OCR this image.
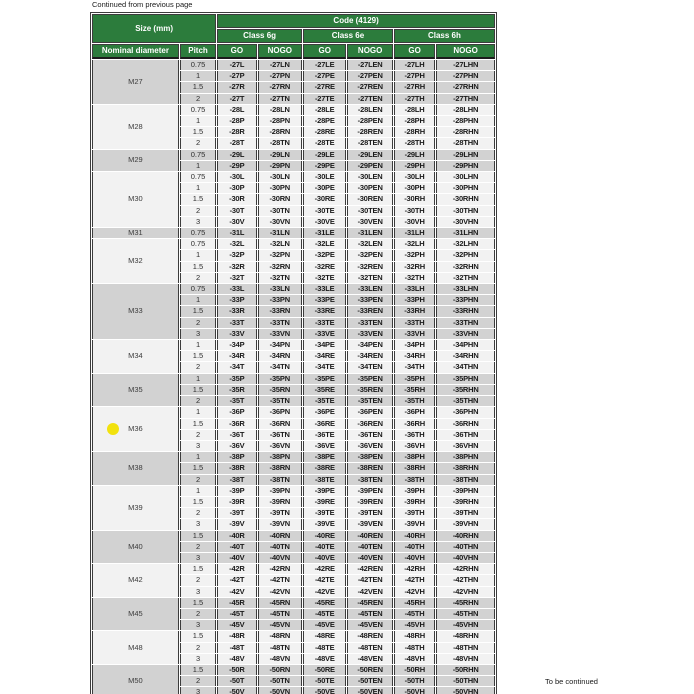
Continued from previous page
Size (mm)		Code (4129)					
		Class 6g		Class 6e		Class 6h	
Nominal diameter	Pitch	GO	NOGO	GO	NOGO	GO	NOGO
M27	0.75	-27L	-27LN	-27LE	-27LEN	-27LH	-27LHN
	1	-27P	-27PN	-27PE	-27PEN	-27PH	-27PHN
	1.5	-27R	-27RN	-27RE	-27REN	-27RH	-27RHN
	2	-27T	-27TN	-27TE	-27TEN	-27TH	-27THN
M28	0.75	-28L	-28LN	-28LE	-28LEN	-28LH	-28LHN
	1	-28P	-28PN	-28PE	-28PEN	-28PH	-28PHN
	1.5	-28R	-28RN	-28RE	-28REN	-28RH	-28RHN
	2	-28T	-28TN	-28TE	-28TEN	-28TH	-28THN
M29	0.75	-29L	-29LN	-29LE	-29LEN	-29LH	-29LHN
	1	-29P	-29PN	-29PE	-29PEN	-29PH	-29PHN
M30	0.75	-30L	-30LN	-30LE	-30LEN	-30LH	-30LHN
	1	-30P	-30PN	-30PE	-30PEN	-30PH	-30PHN
	1.5	-30R	-30RN	-30RE	-30REN	-30RH	-30RHN
	2	-30T	-30TN	-30TE	-30TEN	-30TH	-30THN
	3	-30V	-30VN	-30VE	-30VEN	-30VH	-30VHN
M31	0.75	-31L	-31LN	-31LE	-31LEN	-31LH	-31LHN
M32	0.75	-32L	-32LN	-32LE	-32LEN	-32LH	-32LHN
	1	-32P	-32PN	-32PE	-32PEN	-32PH	-32PHN
	1.5	-32R	-32RN	-32RE	-32REN	-32RH	-32RHN
	2	-32T	-32TN	-32TE	-32TEN	-32TH	-32THN
M33	0.75	-33L	-33LN	-33LE	-33LEN	-33LH	-33LHN
	1	-33P	-33PN	-33PE	-33PEN	-33PH	-33PHN
	1.5	-33R	-33RN	-33RE	-33REN	-33RH	-33RHN
	2	-33T	-33TN	-33TE	-33TEN	-33TH	-33THN
	3	-33V	-33VN	-33VE	-33VEN	-33VH	-33VHN
M34	1	-34P	-34PN	-34PE	-34PEN	-34PH	-34PHN
	1.5	-34R	-34RN	-34RE	-34REN	-34RH	-34RHN
	2	-34T	-34TN	-34TE	-34TEN	-34TH	-34THN
M35	1	-35P	-35PN	-35PE	-35PEN	-35PH	-35PHN
	1.5	-35R	-35RN	-35RE	-35REN	-35RH	-35RHN
	2	-35T	-35TN	-35TE	-35TEN	-35TH	-35THN

M36	1	-36P	-36PN	-36PE	-36PEN	-36PH	-36PHN
	1.5	-36R	-36RN	-36RE	-36REN	-36RH	-36RHN
	2	-36T	-36TN	-36TE	-36TEN	-36TH	-36THN
	3	-36V	-36VN	-36VE	-36VEN	-36VH	-36VHN
M38	1	-38P	-38PN	-38PE	-38PEN	-38PH	-38PHN
	1.5	-38R	-38RN	-38RE	-38REN	-38RH	-38RHN
	2	-38T	-38TN	-38TE	-38TEN	-38TH	-38THN
M39	1	-39P	-39PN	-39PE	-39PEN	-39PH	-39PHN
	1.5	-39R	-39RN	-39RE	-39REN	-39RH	-39RHN
	2	-39T	-39TN	-39TE	-39TEN	-39TH	-39THN
	3	-39V	-39VN	-39VE	-39VEN	-39VH	-39VHN
M40	1.5	-40R	-40RN	-40RE	-40REN	-40RH	-40RHN
	2	-40T	-40TN	-40TE	-40TEN	-40TH	-40THN
	3	-40V	-40VN	-40VE	-40VEN	-40VH	-40VHN
M42	1.5	-42R	-42RN	-42RE	-42REN	-42RH	-42RHN
	2	-42T	-42TN	-42TE	-42TEN	-42TH	-42THN
	3	-42V	-42VN	-42VE	-42VEN	-42VH	-42VHN
M45	1.5	-45R	-45RN	-45RE	-45REN	-45RH	-45RHN
	2	-45T	-45TN	-45TE	-45TEN	-45TH	-45THN
	3	-45V	-45VN	-45VE	-45VEN	-45VH	-45VHN
M48	1.5	-48R	-48RN	-48RE	-48REN	-48RH	-48RHN
	2	-48T	-48TN	-48TE	-48TEN	-48TH	-48THN
	3	-48V	-48VN	-48VE	-48VEN	-48VH	-48VHN
M50	1.5	-50R	-50RN	-50RE	-50REN	-50RH	-50RHN
	2	-50T	-50TN	-50TE	-50TEN	-50TH	-50THN
	3	-50V	-50VN	-50VE	-50VEN	-50VH	-50VHN
To be continued
